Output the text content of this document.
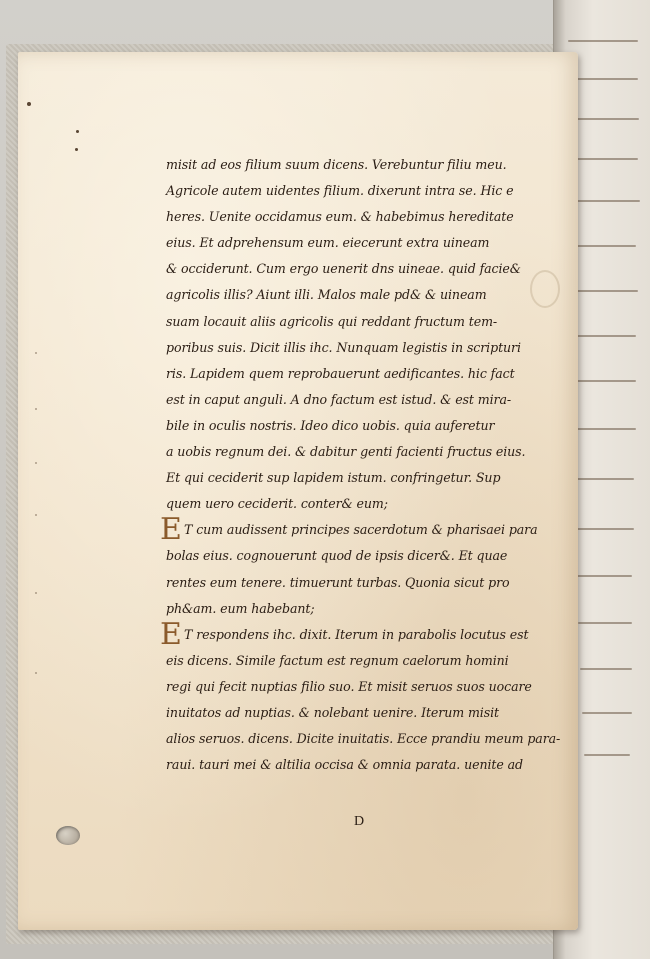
misit ad eos filium suum dicens. Verebuntur filiu meu.

Agricole autem uidentes filium. dixerunt intra se. Hic e

heres. Uenite occidamus eum. & habebimus hereditate

eius. Et adprehensum eum. eiecerunt extra uineam

& occiderunt. Cum ergo uenerit dns uineae. quid facie&

agricolis illis? Aiunt illi. Malos male pd& & uineam

suam locauit aliis agricolis qui reddant fructum tem-

poribus suis. Dicit illis ihc. Nunquam legistis in scripturi

ris. Lapidem quem reprobauerunt aedificantes. hic fact

est in caput anguli. A dno factum est istud. & est mira-

bile in oculis nostris. Ideo dico uobis. quia auferetur

a uobis regnum dei. & dabitur genti facienti fructus eius.

Et qui ceciderit sup lapidem istum. confringetur. Sup

quem uero ceciderit. conter& eum;

E T cum audissent principes sacerdotum & pharisaei para

bolas eius. cognouerunt quod de ipsis dicer&. Et quae

rentes eum tenere. timuerunt turbas. Quonia sicut pro

ph&am. eum habebant;

E T respondens ihc. dixit. Iterum in parabolis locutus est

eis dicens. Simile factum est regnum caelorum homini

regi qui fecit nuptias filio suo. Et misit seruos suos uocare

inuitatos ad nuptias. & nolebant uenire. Iterum misit

alios seruos. dicens. Dicite inuitatis. Ecce prandiu meum para-

raui. tauri mei & altilia occisa & omnia parata. uenite ad

D
